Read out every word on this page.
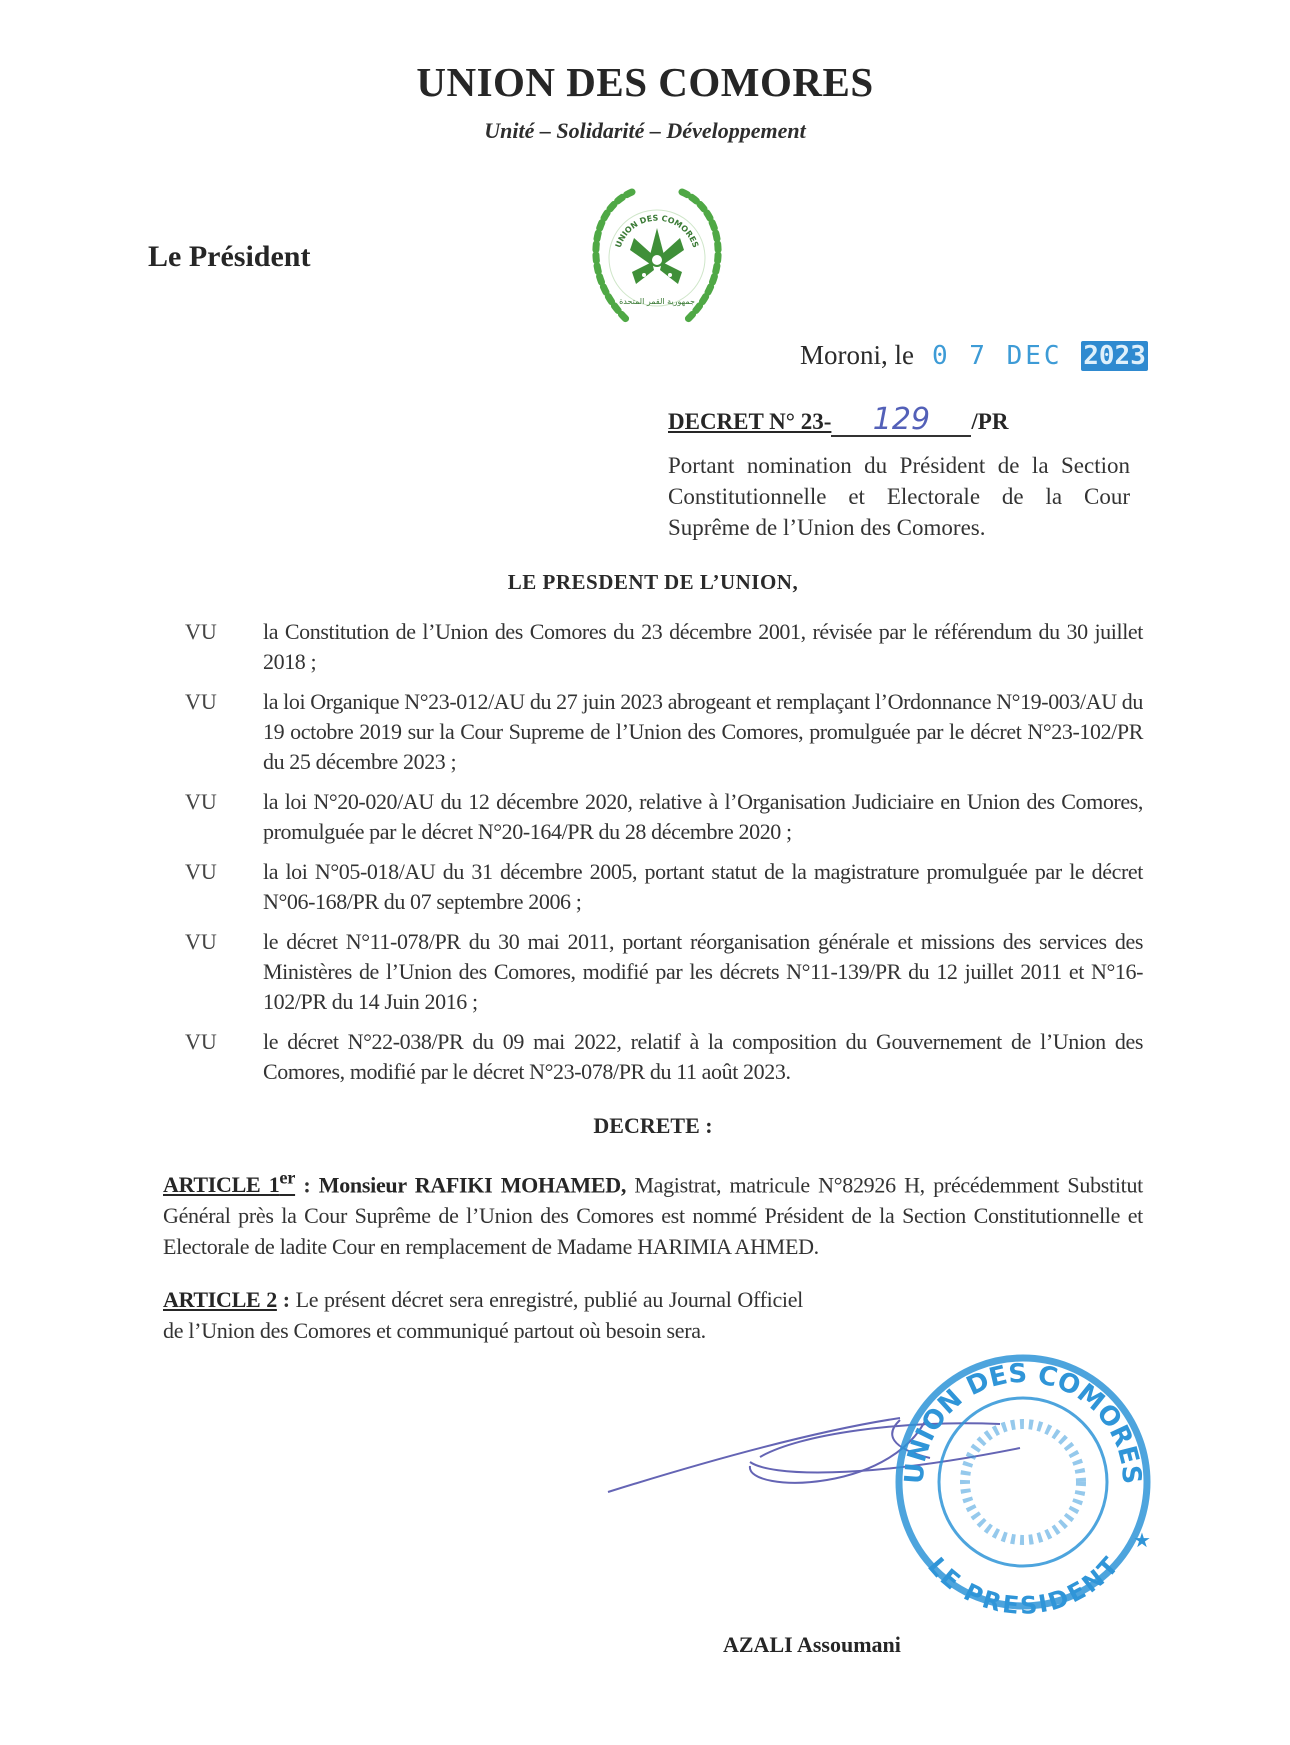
UNION DES COMORES
Unité – Solidarité – Développement
Le Président	UNION DES COMORES
جمهورية القمر المتحدة
Moroni, le 0 7 DEC 2023
DECRET N° 23- 129 /PR
Portant nomination du Président de la Section Constitutionnelle et Electorale de la Cour Suprême de l’Union des Comores.
LE PRESDENT DE L’UNION,
VU	la Constitution de l’Union des Comores du 23 décembre 2001, révisée par le référendum du 30 juillet 2018 ;
VU	la loi Organique N°23-012/AU du 27 juin 2023 abrogeant et remplaçant l’Ordonnance N°19-003/AU du 19 octobre 2019 sur la Cour Supreme de l’Union des Comores, promulguée par le décret N°23-102/PR du 25 décembre 2023 ;
VU	la loi N°20-020/AU du 12 décembre 2020, relative à l’Organisation Judiciaire en Union des Comores, promulguée par le décret N°20-164/PR du 28 décembre 2020 ;
VU	la loi N°05-018/AU du 31 décembre 2005, portant statut de la magistrature promulguée par le décret N°06-168/PR du 07 septembre 2006 ;
VU	le décret N°11-078/PR du 30 mai 2011, portant réorganisation générale et missions des services des Ministères de l’Union des Comores, modifié par les décrets N°11-139/PR du 12 juillet 2011 et N°16-102/PR du 14 Juin 2016 ;
VU	le décret N°22-038/PR du 09 mai 2022, relatif à la composition du Gouvernement de l’Union des Comores, modifié par le décret N°23-078/PR du 11 août 2023.
DECRETE :
ARTICLE 1er : Monsieur RAFIKI MOHAMED, Magistrat, matricule N°82926 H, précédemment Substitut Général près la Cour Suprême de l’Union des Comores est nommé Président de la Section Constitutionnelle et Electorale de ladite Cour en remplacement de Madame HARIMIA AHMED.
ARTICLE 2 : Le présent décret sera enregistré, publié au Journal Officiel de l’Union des Comores et communiqué partout où besoin sera.
UNION DES COMORES
LE PRESIDENT
★
AZALI Assoumani
